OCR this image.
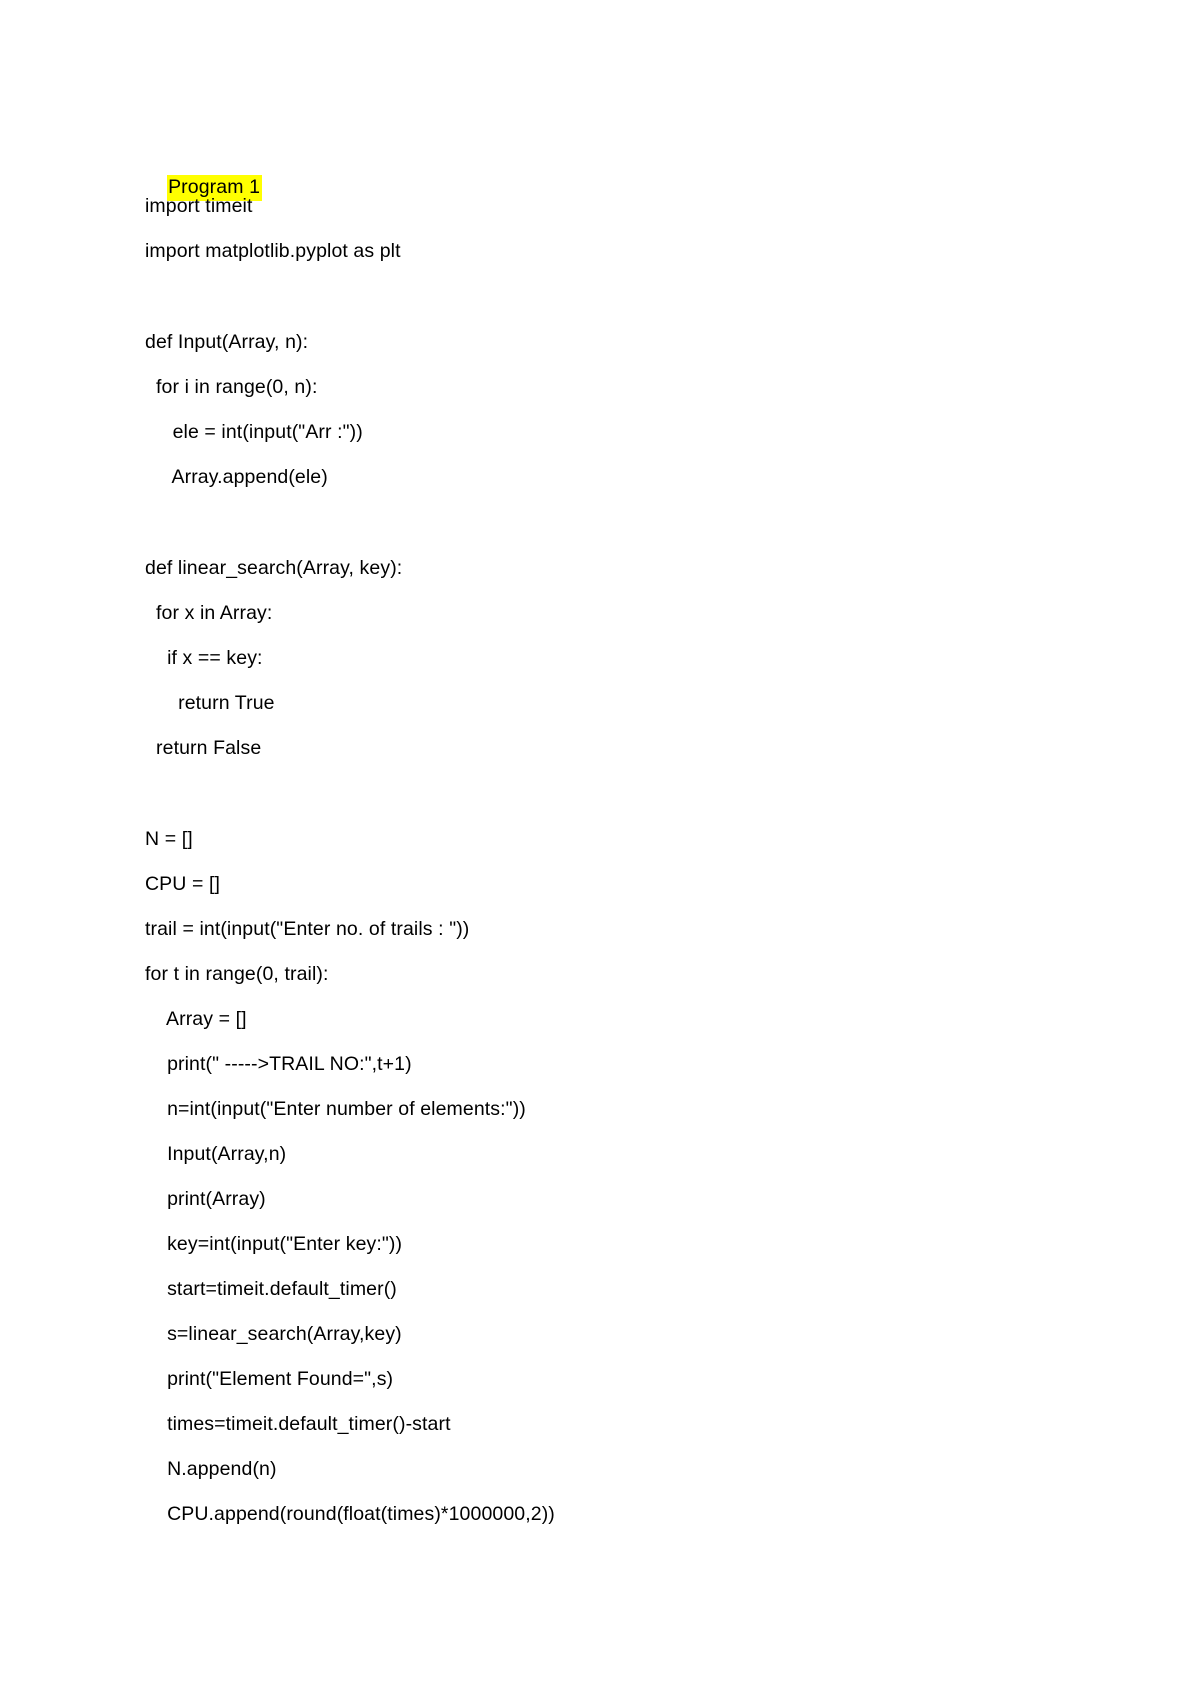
Program 1

import timeit
import matplotlib.pyplot as plt
def Input(Array, n):
for i in range(0, n):
ele = int(input("Arr :"))
Array.append(ele)
def linear_search(Array, key):
for x in Array:
if x == key:
return True
return False
N = []
CPU = []
trail = int(input("Enter no. of trails : "))
for t in range(0, trail):
Array = []
print(" ----->TRAIL NO:",t+1)
n=int(input("Enter number of elements:"))
Input(Array,n)
print(Array)
key=int(input("Enter key:"))
start=timeit.default_timer()
s=linear_search(Array,key)
print("Element Found=",s)
times=timeit.default_timer()-start
N.append(n)
CPU.append(round(float(times)*1000000,2))
